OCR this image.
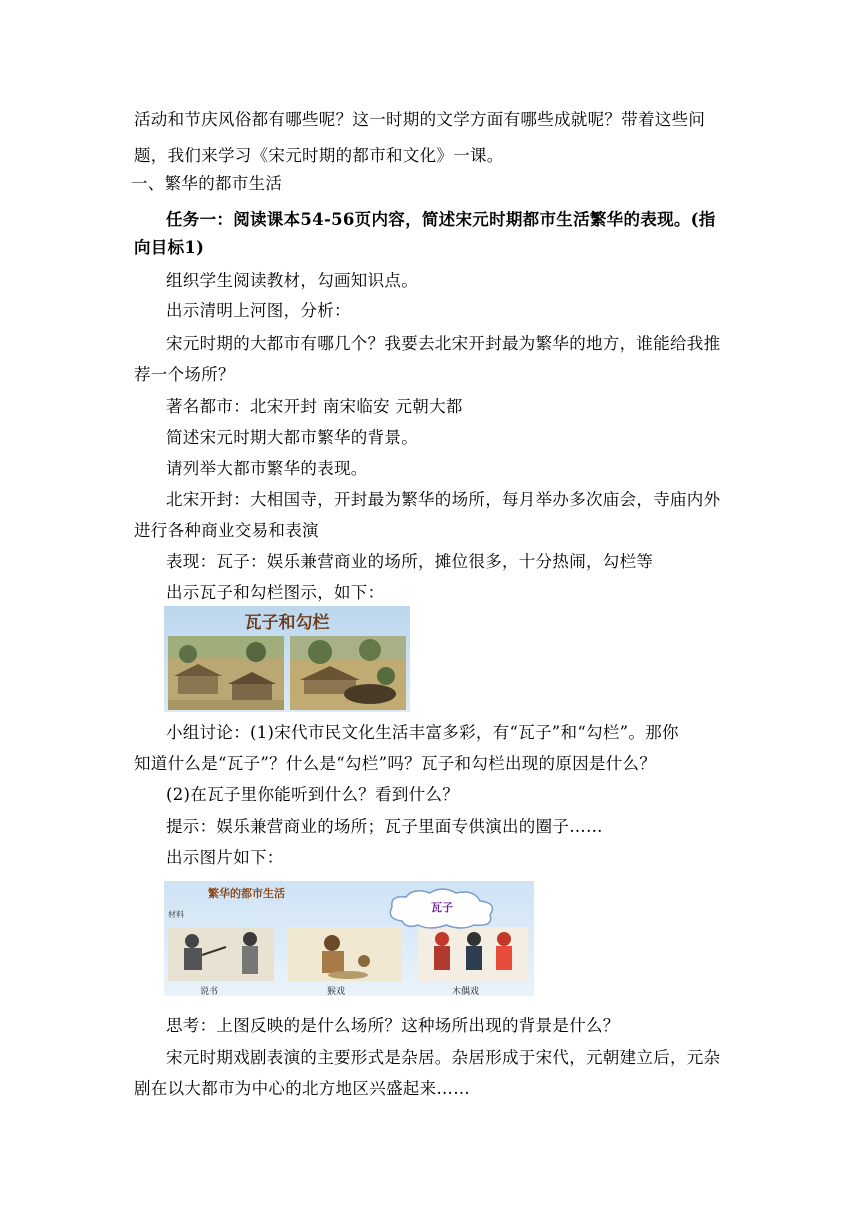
活动和节庆风俗都有哪些呢？这一时期的文学方面有哪些成就呢？带着这些问
题，我们来学习《宋元时期的都市和文化》一课。
一、繁华的都市生活
任务一：阅读课本54-56页内容，简述宋元时期都市生活繁华的表现。(指
向目标1)
组织学生阅读教材，勾画知识点。
出示清明上河图，分析：
宋元时期的大都市有哪几个？我要去北宋开封最为繁华的地方，谁能给我推
荐一个场所？
著名都市：北宋开封 南宋临安 元朝大都
简述宋元时期大都市繁华的背景。
请列举大都市繁华的表现。
北宋开封：大相国寺，开封最为繁华的场所，每月举办多次庙会，寺庙内外
进行各种商业交易和表演
表现：瓦子：娱乐兼营商业的场所，摊位很多，十分热闹，勾栏等
出示瓦子和勾栏图示，如下：
瓦子和勾栏
小组讨论：(1)宋代市民文化生活丰富多彩，有“瓦子”和“勾栏”。那你
知道什么是“瓦子”？什么是“勾栏”吗？瓦子和勾栏出现的原因是什么？
(2)在瓦子里你能听到什么？看到什么？
提示：娱乐兼营商业的场所；瓦子里面专供演出的圈子……
出示图片如下：
繁华的都市生活
材料
瓦子
说书	猴戏	木偶戏
思考：上图反映的是什么场所？这种场所出现的背景是什么？
宋元时期戏剧表演的主要形式是杂居。杂居形成于宋代，元朝建立后，元杂
剧在以大都市为中心的北方地区兴盛起来……
